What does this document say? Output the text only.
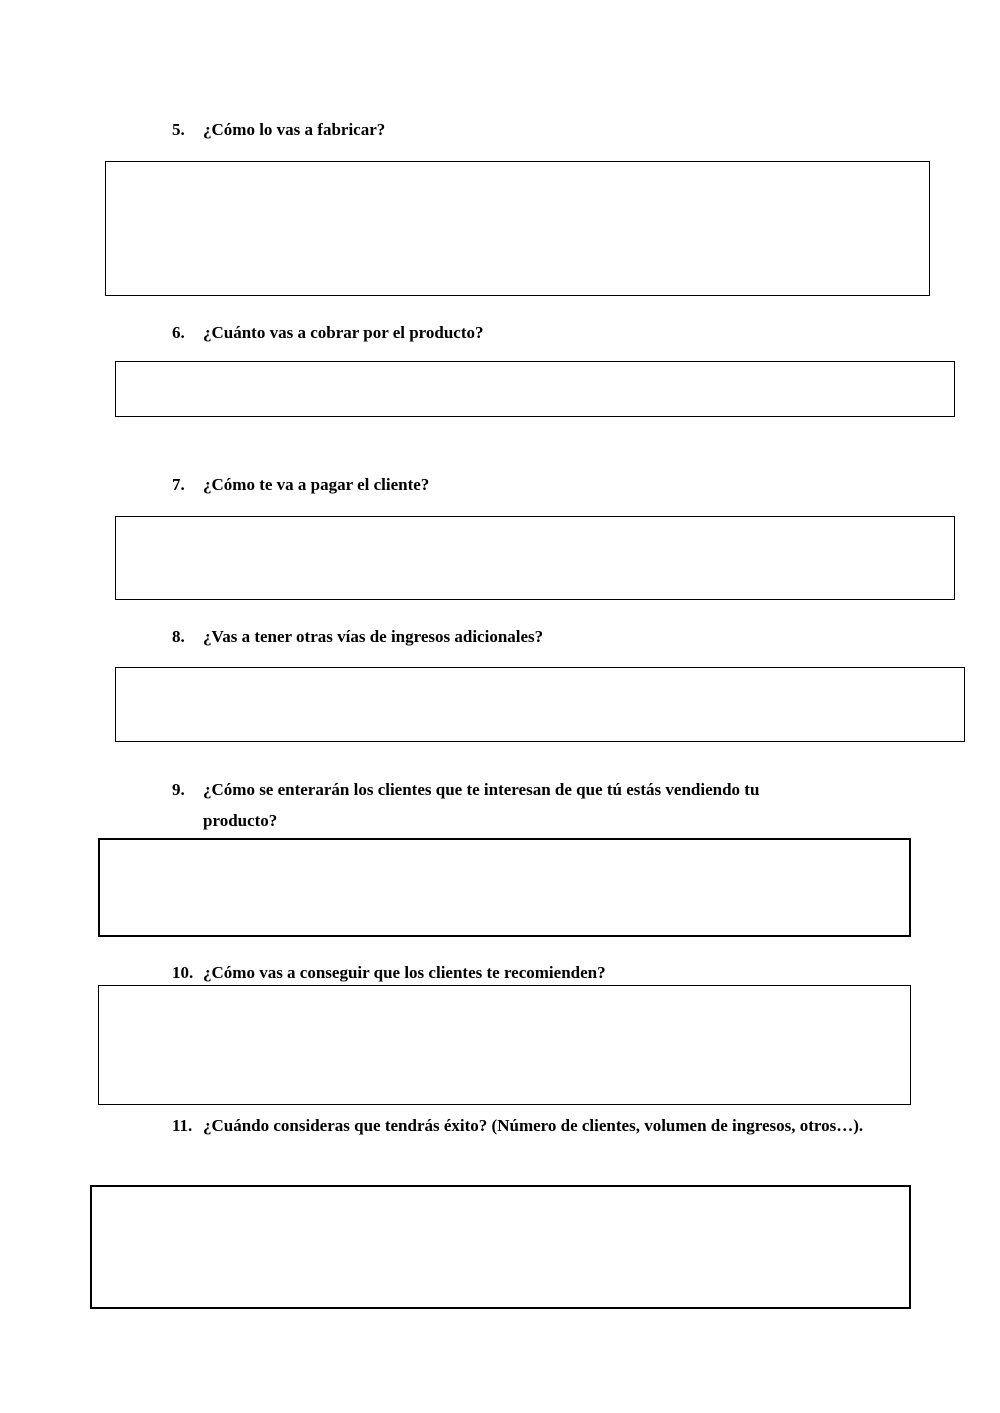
5.	¿Cómo lo vas a fabricar?
6.	¿Cuánto vas a cobrar por el producto?
7.	¿Cómo te va a pagar el cliente?
8.	¿Vas a tener otras vías de ingresos adicionales?
9.	¿Cómo se enterarán los clientes que te interesan de que tú estás vendiendo tu producto?
10. ¿Cómo vas a conseguir que los clientes te recomienden?
11. ¿Cuándo consideras que tendrás éxito? (Número de clientes, volumen de ingresos, otros…).
